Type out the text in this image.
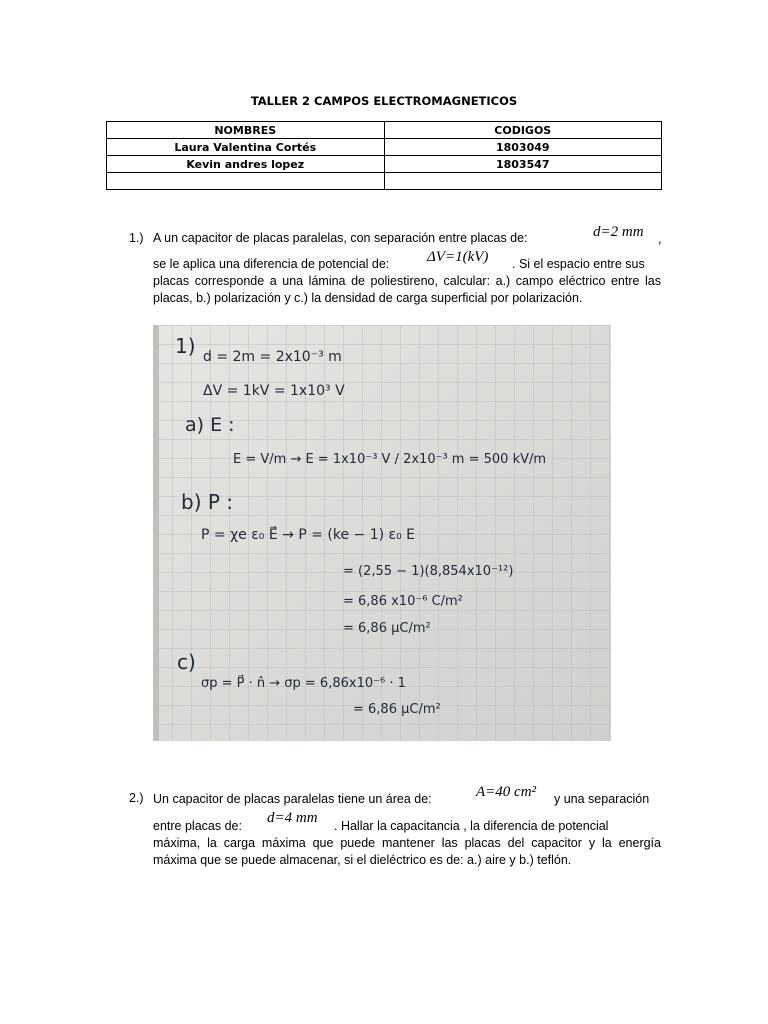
TALLER 2 CAMPOS ELECTROMAGNETICOS
NOMBRES	CODIGOS
Laura Valentina Cortés	1803049
Kevin andres lopez	1803547

1.) A un capacitor de placas paralelas, con separación entre placas de:	d=2 mm ,
se le aplica una diferencia de potencial de:	ΔV=1(kV) . Si el espacio entre sus
placas corresponde a una lámina de poliestireno, calcular: a.) campo eléctrico entre las placas, b.) polarización y c.) la densidad de carga superficial por polarización.
1) d = 2m = 2x10⁻³ m
ΔV = 1kV = 1x10³ V
a) E :
E = V/m → E = 1x10⁻³ V / 2x10⁻³ m = 500 kV/m
b) P :
P = χe ε₀ E⃗ → P = (ke − 1) ε₀ E
= (2,55 − 1)(8,854x10⁻¹²)
= 6,86 x10⁻⁶ C/m²
= 6,86 μC/m²
c)
σp = P⃗ · n̂ → σp = 6,86x10⁻⁶ · 1
= 6,86 μC/m²
2.) Un capacitor de placas paralelas tiene un área de:	A=40 cm² y una separación
entre placas de: d=4 mm . Hallar la capacitancia , la diferencia de potencial
máxima, la carga máxima que puede mantener las placas del capacitor y la energía máxima que se puede almacenar, si el dieléctrico es de: a.) aire y b.) teflón.
